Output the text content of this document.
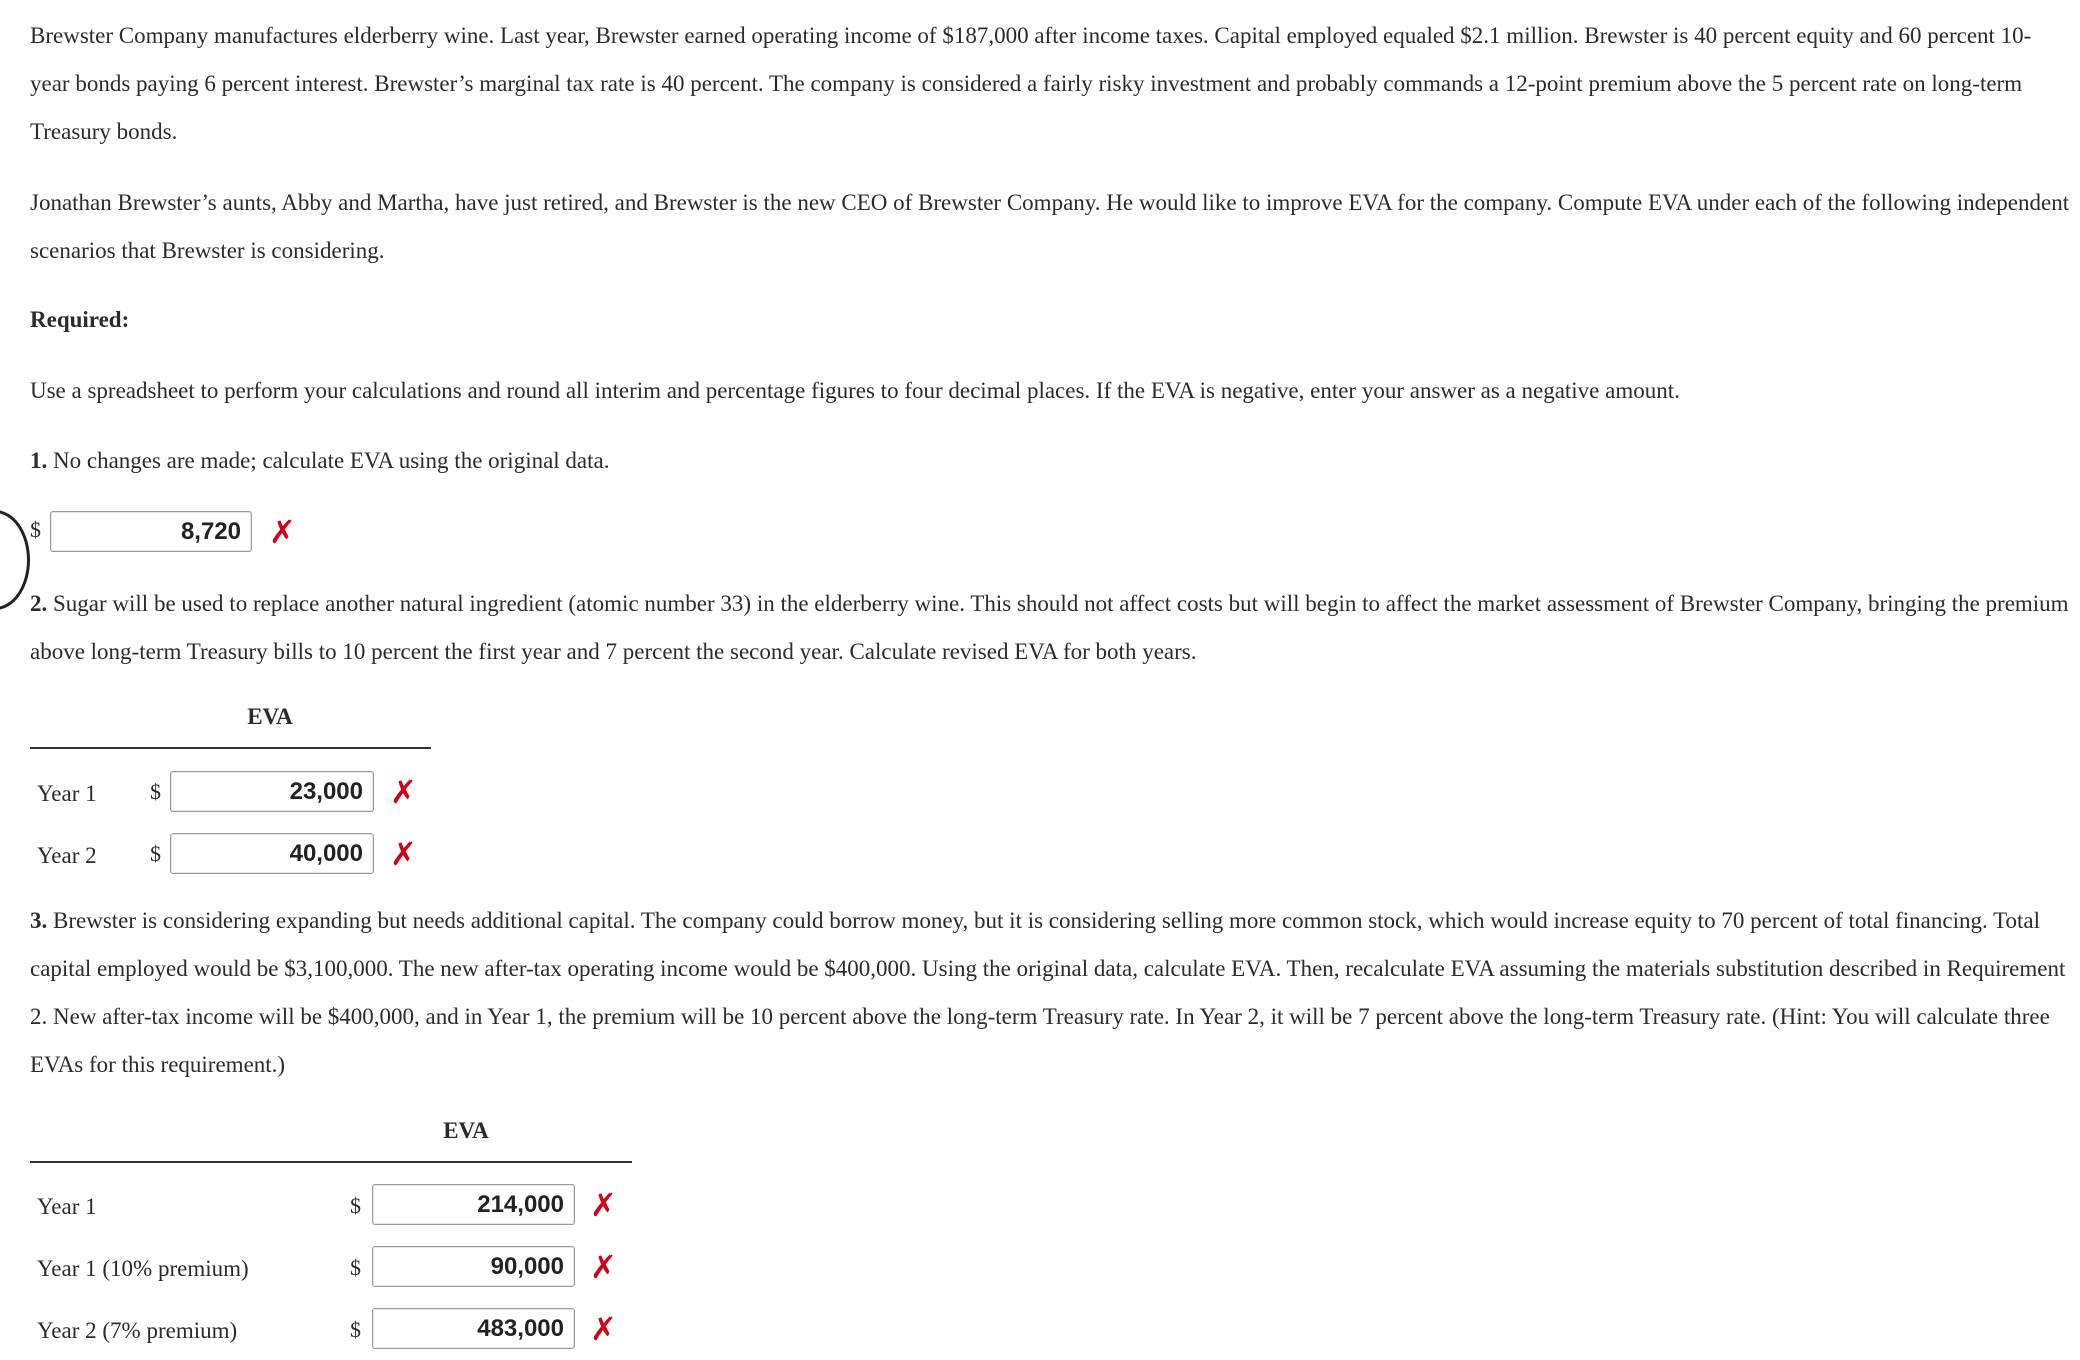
Brewster Company manufactures elderberry wine. Last year, Brewster earned operating income of $187,000 after income taxes. Capital employed equaled $2.1 million. Brewster is 40 percent equity and 60 percent 10-year bonds paying 6 percent interest. Brewster’s marginal tax rate is 40 percent. The company is considered a fairly risky investment and probably commands a 12-point premium above the 5 percent rate on long-term Treasury bonds.

Jonathan Brewster’s aunts, Abby and Martha, have just retired, and Brewster is the new CEO of Brewster Company. He would like to improve EVA for the company. Compute EVA under each of the following independent scenarios that Brewster is considering.

Required:

Use a spreadsheet to perform your calculations and round all interim and percentage figures to four decimal places. If the EVA is negative, enter your answer as a negative amount.

1. No changes are made; calculate EVA using the original data.

$	8,720 ✗

2. Sugar will be used to replace another natural ingredient (atomic number 33) in the elderberry wine. This should not affect costs but will begin to affect the market assessment of Brewster Company, bringing the premium above long-term Treasury bills to 10 percent the first year and 7 percent the second year. Calculate revised EVA for both years.

EVA
Year 1 $	23,000 ✗
Year 2 $	40,000 ✗

3. Brewster is considering expanding but needs additional capital. The company could borrow money, but it is considering selling more common stock, which would increase equity to 70 percent of total financing. Total capital employed would be $3,100,000. The new after-tax operating income would be $400,000. Using the original data, calculate EVA. Then, recalculate EVA assuming the materials substitution described in Requirement 2. New after-tax income will be $400,000, and in Year 1, the premium will be 10 percent above the long-term Treasury rate. In Year 2, it will be 7 percent above the long-term Treasury rate. (Hint: You will calculate three EVAs for this requirement.)

EVA
Year 1	$	214,000 ✗
Year 1 (10% premium)	$	90,000 ✗
Year 2 (7% premium)	$	483,000 ✗
